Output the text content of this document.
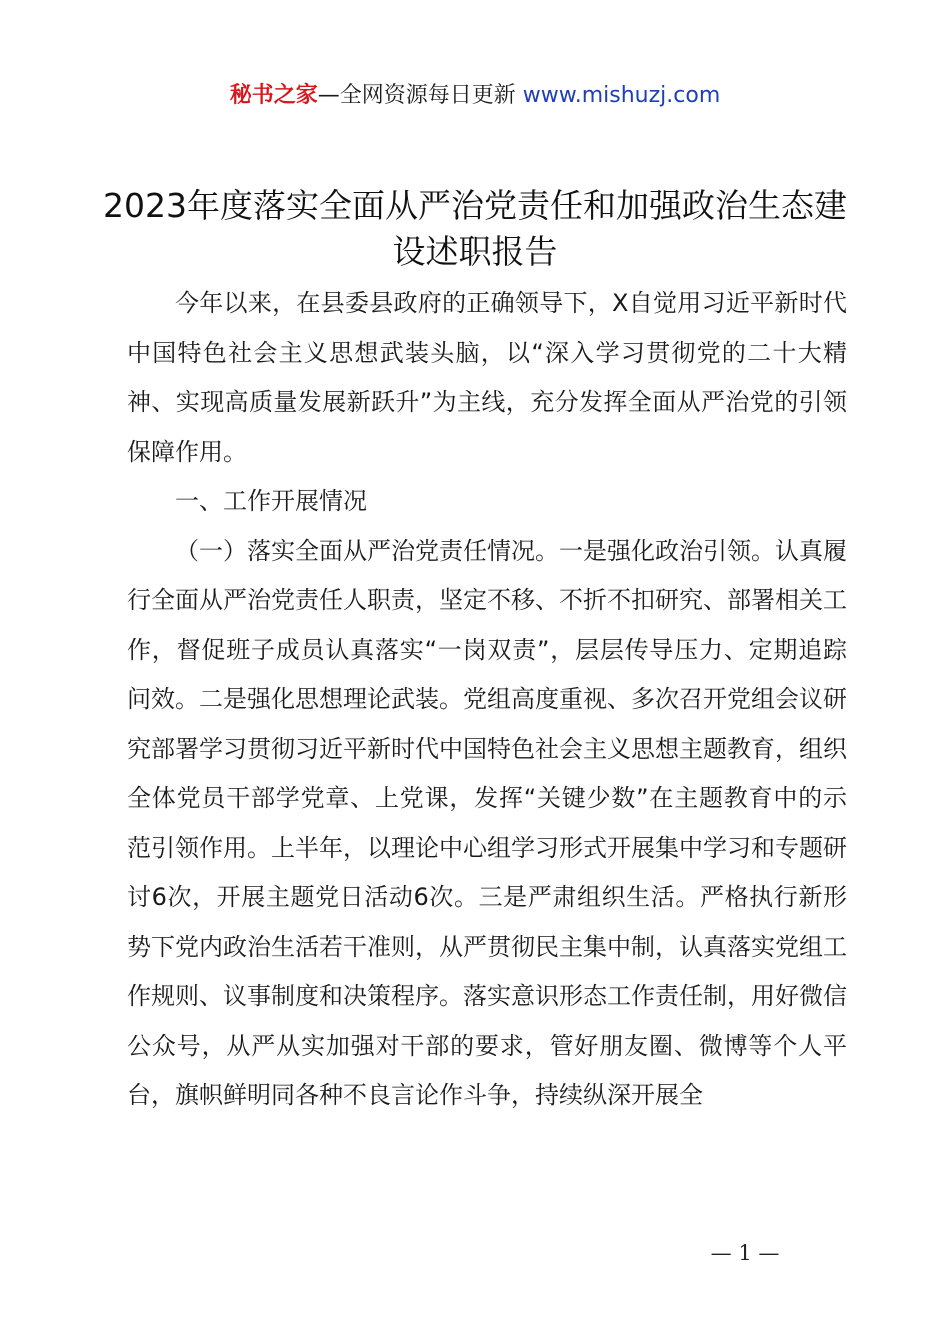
秘书之家—全网资源每日更新 www.mishuzj.com
2023年度落实全面从严治党责任和加强政治生态建设述职报告

今年以来，在县委县政府的正确领导下，X自觉用习近平新时代中国特色社会主义思想武装头脑，以“深入学习贯彻党的二十大精神、实现高质量发展新跃升”为主线，充分发挥全面从严治党的引领保障作用。

一、工作开展情况

（一）落实全面从严治党责任情况。一是强化政治引领。认真履行全面从严治党责任人职责，坚定不移、不折不扣研究、部署相关工作，督促班子成员认真落实“一岗双责”，层层传导压力、定期追踪问效。二是强化思想理论武装。党组高度重视、多次召开党组会议研究部署学习贯彻习近平新时代中国特色社会主义思想主题教育，组织全体党员干部学党章、上党课，发挥“关键少数”在主题教育中的示范引领作用。上半年，以理论中心组学习形式开展集中学习和专题研讨6次，开展主题党日活动6次。三是严肃组织生活。严格执行新形势下党内政治生活若干准则，从严贯彻民主集中制，认真落实党组工作规则、议事制度和决策程序。落实意识形态工作责任制，用好微信公众号，从严从实加强对干部的要求，管好朋友圈、微博等个人平台，旗帜鲜明同各种不良言论作斗争，持续纵深开展全

— 1 —
